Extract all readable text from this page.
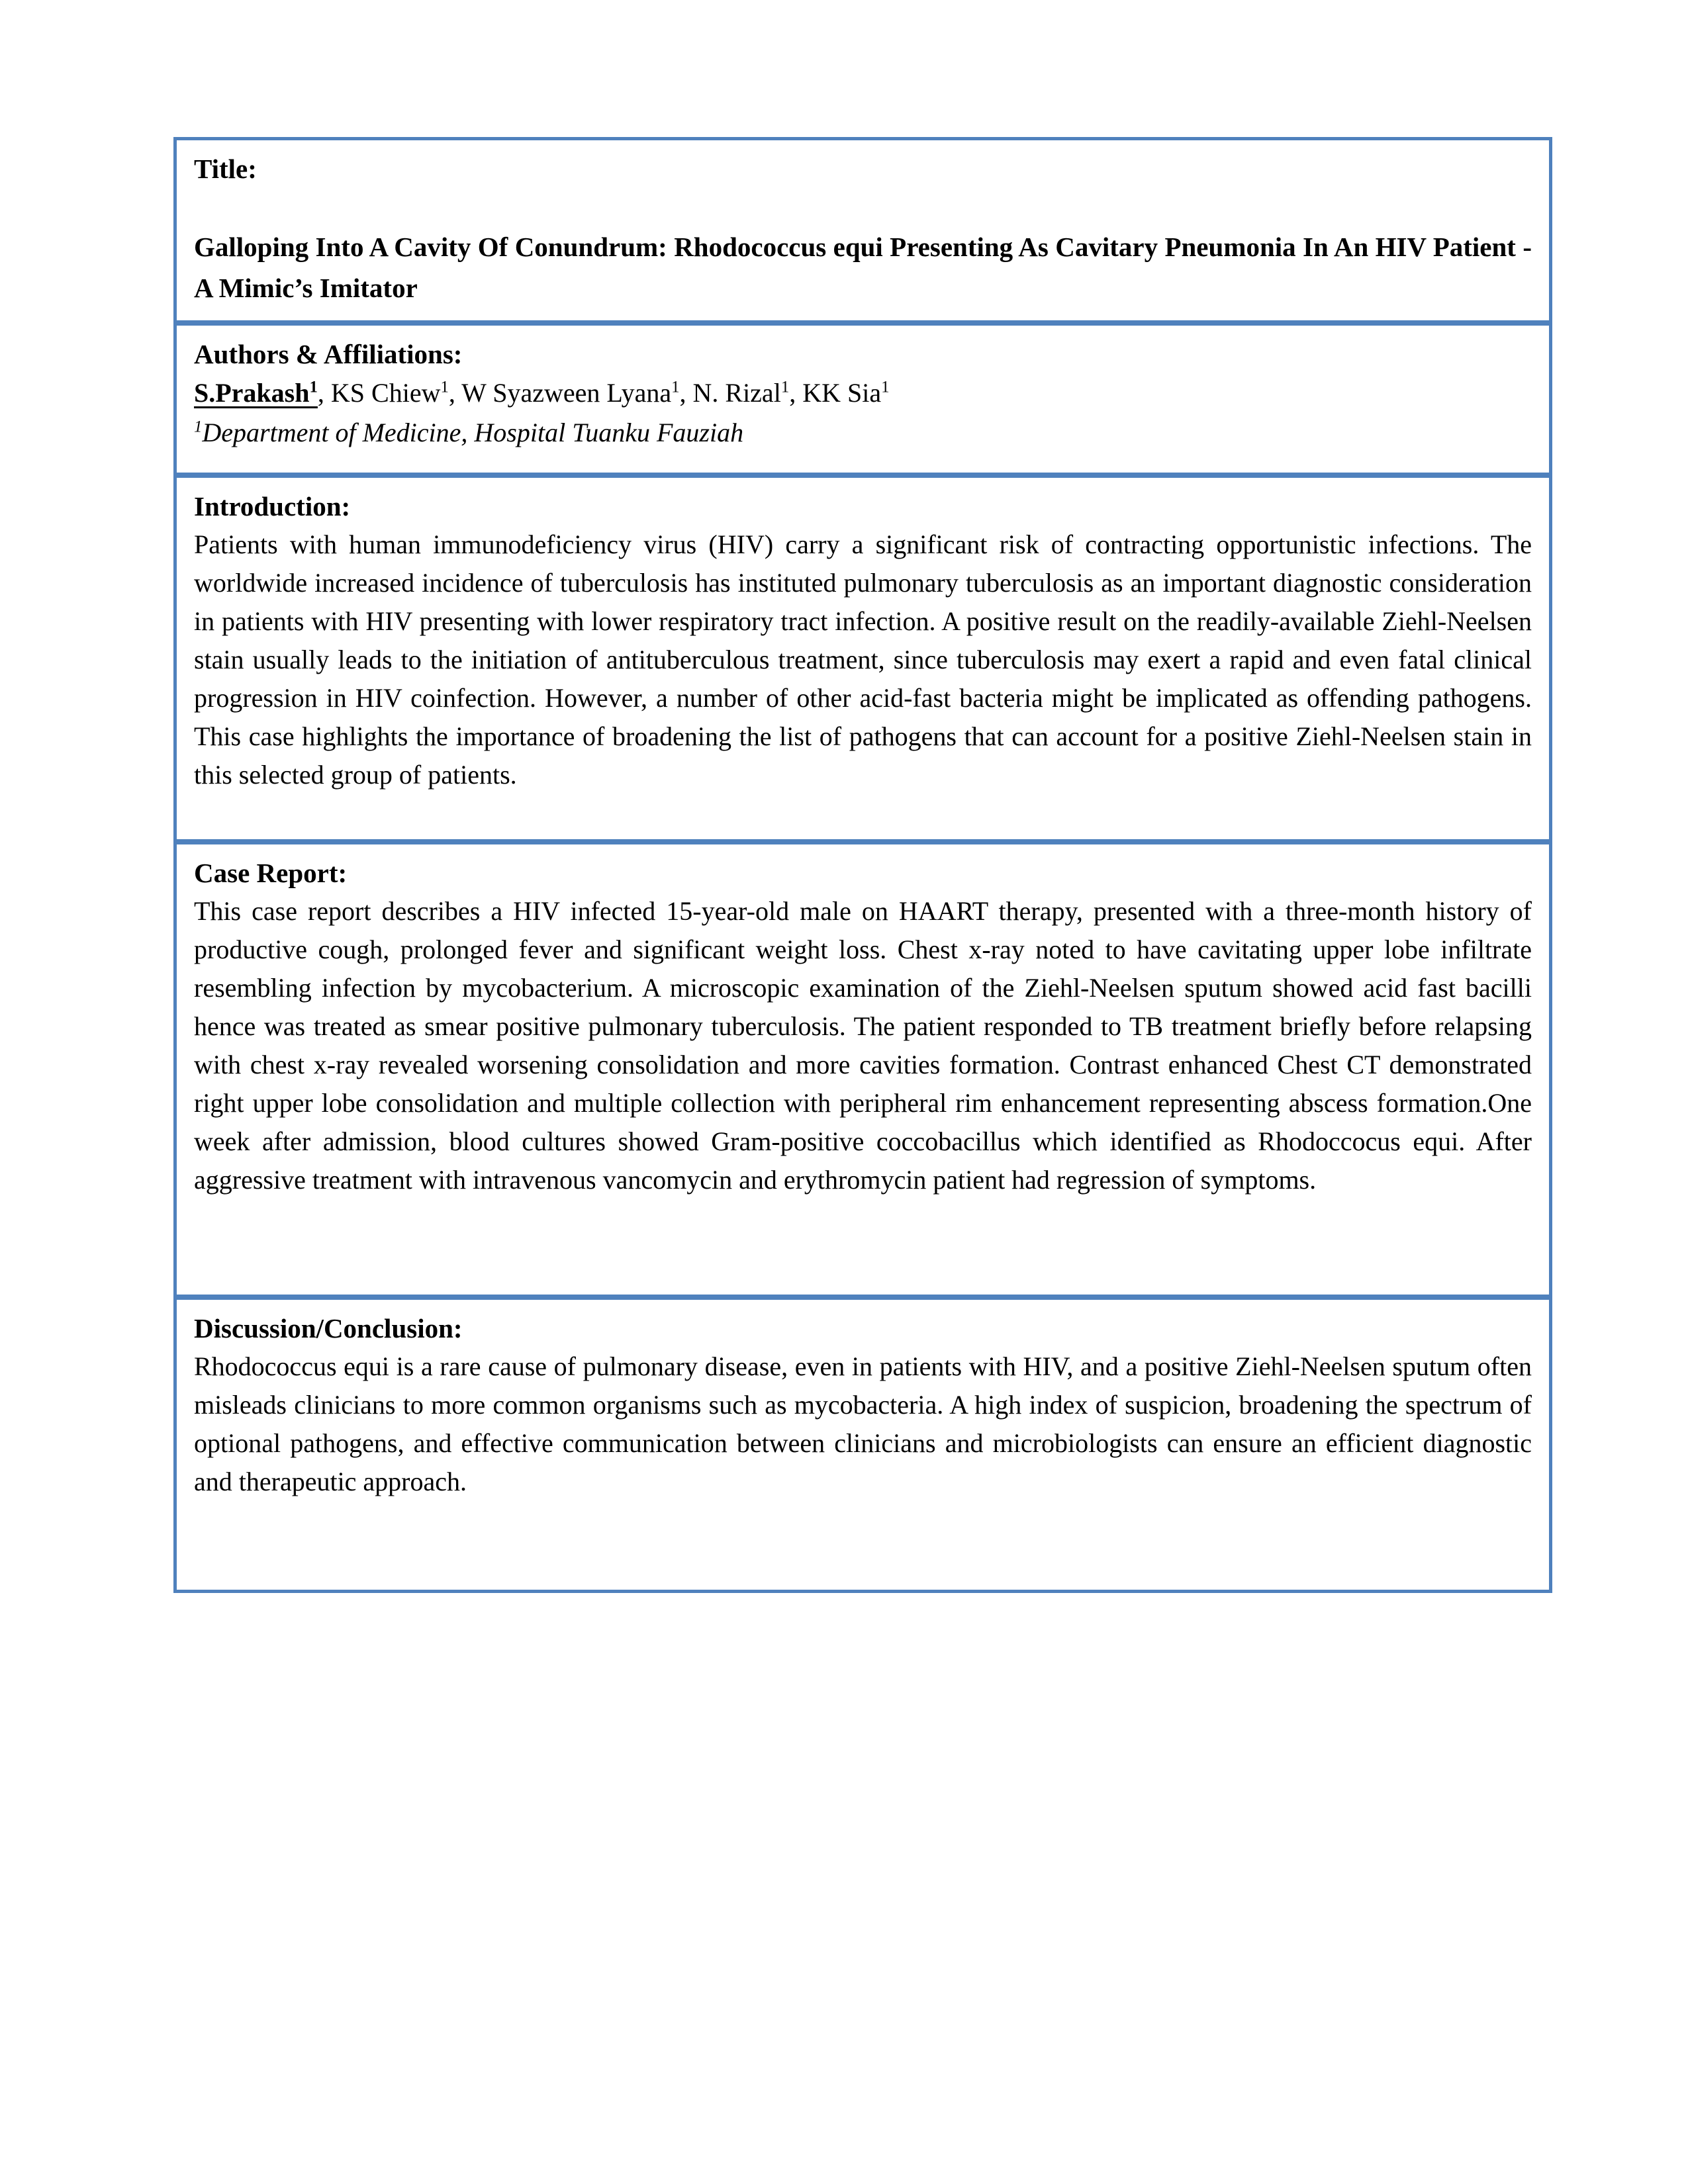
Title:
Galloping Into A Cavity Of Conundrum: Rhodococcus equi Presenting As Cavitary Pneumonia In An HIV Patient - A Mimic’s Imitator
Authors & Affiliations:
S.Prakash$^1$, KS Chiew$^1$, W Syazween Lyana$^1$, N. Rizal$^1$, KK Sia$^1$
$^1$Department of Medicine, Hospital Tuanku Fauziah
Introduction:
Patients with human immunodeficiency virus (HIV) carry a significant risk of contracting opportunistic infections. The worldwide increased incidence of tuberculosis has instituted pulmonary tuberculosis as an important diagnostic consideration in patients with HIV presenting with lower respiratory tract infection. A positive result on the readily-available Ziehl-Neelsen stain usually leads to the initiation of antituberculous treatment, since tuberculosis may exert a rapid and even fatal clinical progression in HIV coinfection. However, a number of other acid-fast bacteria might be implicated as offending pathogens. This case highlights the importance of broadening the list of pathogens that can account for a positive Ziehl-Neelsen stain in this selected group of patients.
Case Report:
This case report describes a HIV infected 15-year-old male on HAART therapy, presented with a three-month history of productive cough, prolonged fever and significant weight loss. Chest x-ray noted to have cavitating upper lobe infiltrate resembling infection by mycobacterium. A microscopic examination of the Ziehl-Neelsen sputum showed acid fast bacilli hence was treated as smear positive pulmonary tuberculosis. The patient responded to TB treatment briefly before relapsing with chest x-ray revealed worsening consolidation and more cavities formation. Contrast enhanced Chest CT demonstrated right upper lobe consolidation and multiple collection with peripheral rim enhancement representing abscess formation.One week after admission, blood cultures showed Gram-positive coccobacillus which identified as Rhodoccocus equi. After aggressive treatment with intravenous vancomycin and erythromycin patient had regression of symptoms.
Discussion/Conclusion:
Rhodococcus equi is a rare cause of pulmonary disease, even in patients with HIV, and a positive Ziehl-Neelsen sputum often misleads clinicians to more common organisms such as mycobacteria. A high index of suspicion, broadening the spectrum of optional pathogens, and effective communication between clinicians and microbiologists can ensure an efficient diagnostic and therapeutic approach.
